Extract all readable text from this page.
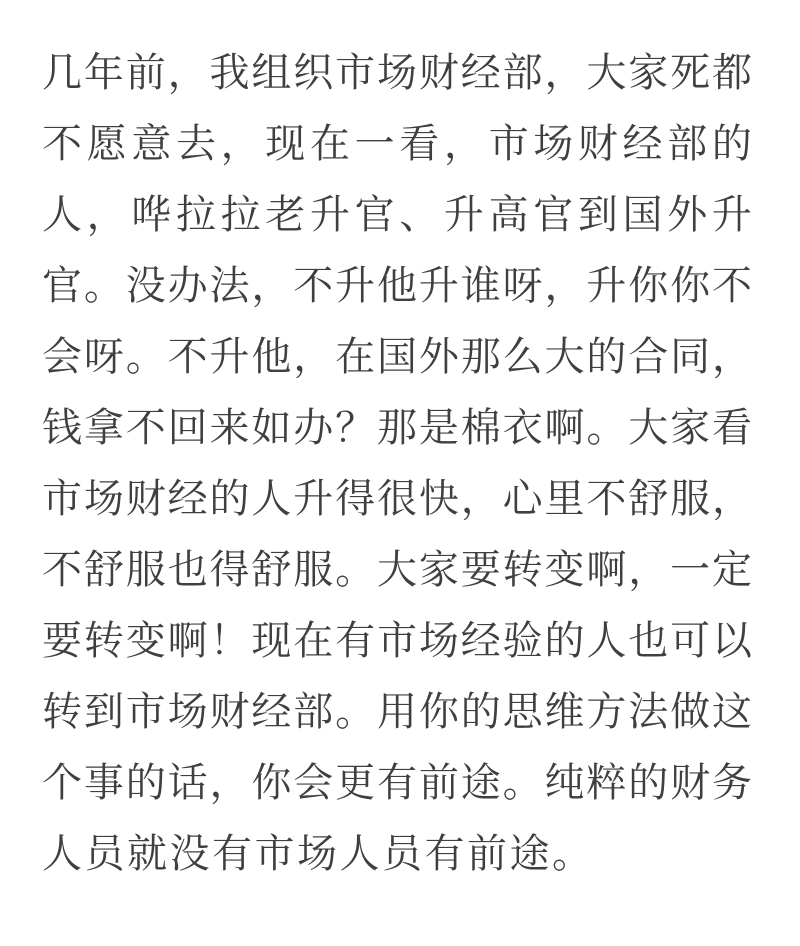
几 年 前 ， 我 组 织 市 场 财 经 部 ， 大 家 死 都
不 愿 意 去 ， 现 在 一 看 ， 市 场 财 经 部 的
人 ， 哗 拉 拉 老 升 官 、 升 高 官 到 国 外 升
官 。 没 办 法 ， 不 升 他 升 谁 呀 ， 升 你 你 不
会 呀 。 不 升 他 ， 在 国 外 那 么 大 的 合 同 ，
钱 拿 不 回 来 如 办 ？ 那 是 棉 衣 啊 。 大 家 看
市 场 财 经 的 人 升 得 很 快 ， 心 里 不 舒 服 ，
不 舒 服 也 得 舒 服 。 大 家 要 转 变 啊 ， 一 定
要 转 变 啊 ！ 现 在 有 市 场 经 验 的 人 也 可 以
转 到 市 场 财 经 部 。 用 你 的 思 维 方 法 做 这
个 事 的 话 ， 你 会 更 有 前 途 。 纯 粹 的 财 务
人 员 就 没 有 市 场 人 员 有 前 途 。
